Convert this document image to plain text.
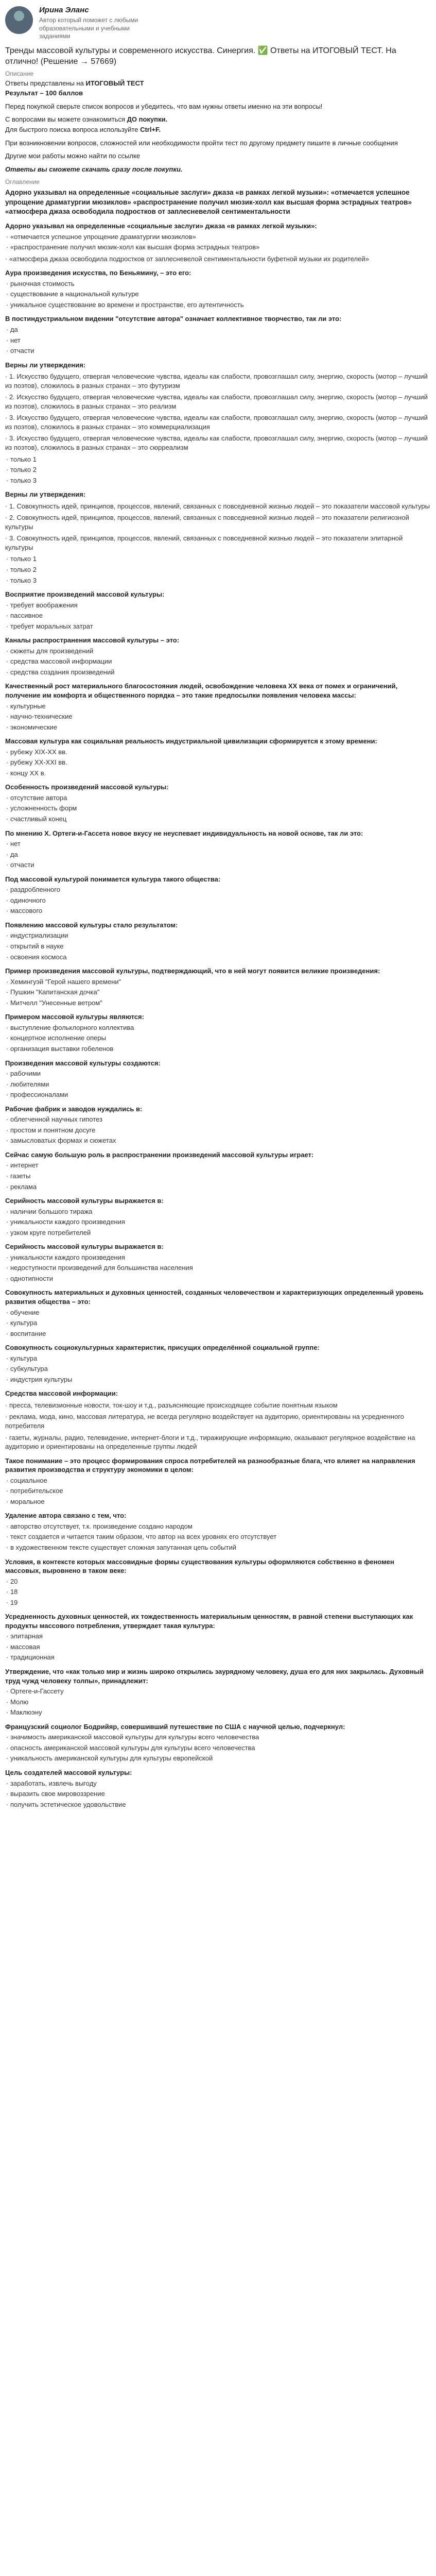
Ирина Эланс
Автор который поможет с любыми образовательными и учебными заданиями
Тренды массовой культуры и современного искусства. Синергия. ✅ Ответы на ИТОГОВЫЙ ТЕСТ. На отлично! (Решение → 57669)
Описание
Ответы представлены на ИТОГОВЫЙ ТЕСТ
Результат – 100 баллов
Перед покупкой сверьте список вопросов и убедитесь, что вам нужны ответы именно на эти вопросы!
С вопросами вы можете ознакомиться ДО покупки.
Для быстрого поиска вопроса используйте Ctrl+F.
При возникновении вопросов, сложностей или необходимости пройти тест по другому предмету пишите в личные сообщения
Другие мои работы можно найти по ссылке
Ответы вы сможете скачать сразу после покупки.
Оглавление
Адорно указывал на определенные «социальные заслуги» джаза «в рамках легкой музыки»: «отмечается успешное упрощение драматургии мюзиклов» «распространение получил мюзик-холл как высшая форма эстрадных театров» «атмосфера джаза освободила подростков от заплесневелой сентиментальности
Адорно указывал на определенные «социальные заслуги» джаза «в рамках легкой музыки»:
· «отмечается успешное упрощение драматургии мюзиклов»
· «распространение получил мюзик-холл как высшая форма эстрадных театров»
· «атмосфера джаза освободила подростков от заплесневелой сентиментальности буфетной музыки их родителей»
Аура произведения искусства, по Беньямину, – это его:
· рыночная стоимость
· существование в национальной культуре
· уникальное существование во времени и пространстве, его аутентичность
В постиндустриальном видении "отсутствие автора" означает коллективное творчество, так ли это:
· да
· нет
· отчасти
Верны ли утверждения:
· 1. Искусство будущего, отвергая человеческие чувства, идеалы как слабости, провозглашал силу, энергию, скорость (мотор – лучший из поэтов), сложилось в разных странах – это футуризм
· 2. Искусство будущего, отвергая человеческие чувства, идеалы как слабости, провозглашал силу, энергию, скорость (мотор – лучший из поэтов), сложилось в разных странах – это реализм
· 3. Искусство будущего, отвергая человеческие чувства, идеалы как слабости, провозглашал силу, энергию, скорость (мотор – лучший из поэтов), сложилось в разных странах – это коммерциализация
· 3. Искусство будущего, отвергая человеческие чувства, идеалы как слабости, провозглашал силу, энергию, скорость (мотор – лучший из поэтов), сложилось в разных странах – это сюрреализм
· только 1
· только 2
· только 3
Верны ли утверждения:
· 1. Совокупность идей, принципов, процессов, явлений, связанных с повседневной жизнью людей – это показатели массовой культуры
· 2. Совокупность идей, принципов, процессов, явлений, связанных с повседневной жизнью людей – это показатели религиозной культуры
· 3. Совокупность идей, принципов, процессов, явлений, связанных с повседневной жизнью людей – это показатели элитарной культуры
· только 1
· только 2
· только 3
Восприятие произведений массовой культуры:
· требует воображения
· пассивное
· требует моральных затрат
Каналы распространения массовой культуры – это:
· сюжеты для произведений
· средства массовой информации
· средства создания произведений
Качественный рост материального благосостояния людей, освобождение человека XX века от помех и ограничений, получение им комфорта и общественного порядка – это такие предпосылки появления человека массы:
· культурные
· научно-технические
· экономические
Массовая культура как социальная реальность индустриальной цивилизации сформируется к этому времени:
· рубежу XIX-XX вв.
· рубежу XX-XXI вв.
· концу XX в.
Особенность произведений массовой культуры:
· отсутствие автора
· усложненность форм
· счастливый конец
По мнению Х. Ортеги-и-Гассета новое вкусу не неуспевает индивидуальность на новой основе, так ли это:
· нет
· да
· отчасти
Под массовой культурой понимается культура такого общества:
· раздробленного
· одиночного
· массового
Появлению массовой культуры стало результатом:
· индустриализации
· открытий в науке
· освоения космоса
Пример произведения массовой культуры, подтверждающий, что в ней могут появится великие произведения:
· Хемингуэй "Герой нашего времени"
· Пушкин "Капитанская дочка"
· Митчелл "Унесенные ветром"
Примером массовой культуры являются:
· выступление фольклорного коллектива
· концертное исполнение оперы
· организация выставки гобеленов
Произведения массовой культуры создаются:
· рабочими
· любителями
· профессионалами
Рабочие фабрик и заводов нуждались в:
· облегченной научных гипотез
· простом и понятном досуге
· замысловатых формах и сюжетах
Сейчас самую большую роль в распространении произведений массовой культуры играет:
· интернет
· газеты
· реклама
Серийность массовой культуры выражается в:
· наличии большого тиража
· уникальности каждого произведения
· узком круге потребителей
Серийность массовой культуры выражается в:
· уникальности каждого произведения
· недоступности произведений для большинства населения
· однотипности
Совокупность материальных и духовных ценностей, созданных человечеством и характеризующих определенный уровень развития общества – это:
· обучение
· культура
· воспитание
Совокупность социокультурных характеристик, присущих определённой социальной группе:
· культура
· субкультура
· индустрия культуры
Средства массовой информации:
· пресса, телевизионные новости, ток-шоу и т.д., разъясняющие происходящее событие понятным языком
· реклама, мода, кино, массовая литература, не всегда регулярно воздействует на аудиторию, ориентированы на усредненного потребителя
· газеты, журналы, радио, телевидение, интернет-блоги и т.д., тиражирующие информацию, оказывают регулярное воздействие на аудиторию и ориентированы на определенные группы людей
Такое понимание – это процесс формирования спроса потребителей на разнообразные блага, что влияет на направления развития производства и структуру экономики в целом:
· социальное
· потребительское
· моральное
Удаление автора связано с тем, что:
· авторство отсутствует, т.к. произведение создано народом
· текст создается и читается таким образом, что автор на всех уровнях его отсутствует
· в художественном тексте существует сложная запутанная цепь событий
Условия, в контексте которых массовидные формы существования культуры оформляются собственно в феномен массовых, выровнено в таком веке:
· 20
· 18
· 19
Усредненность духовных ценностей, их тождественность материальным ценностям, в равной степени выступающих как продукты массового потребления, утверждает такая культура:
· элитарная
· массовая
· традиционная
Утверждение, что «как только мир и жизнь широко открылись заурядному человеку, душа его для них закрылась. Духовный труд чужд человеку толпы», принадлежит:
· Ортеге-и-Гассету
· Молю
· Маклюэну
Французский социолог Бодрийяр, совершивший путешествие по США с научной целью, подчеркнул:
· значимость американской массовой культуры для культуры всего человечества
· опасность американской массовой культуры для культуры всего человечества
· уникальность американской культуры для культуры европейской
Цель создателей массовой культуры:
· заработать, извлечь выгоду
· выразить свое мировоззрение
· получить эстетическое удовольствие
